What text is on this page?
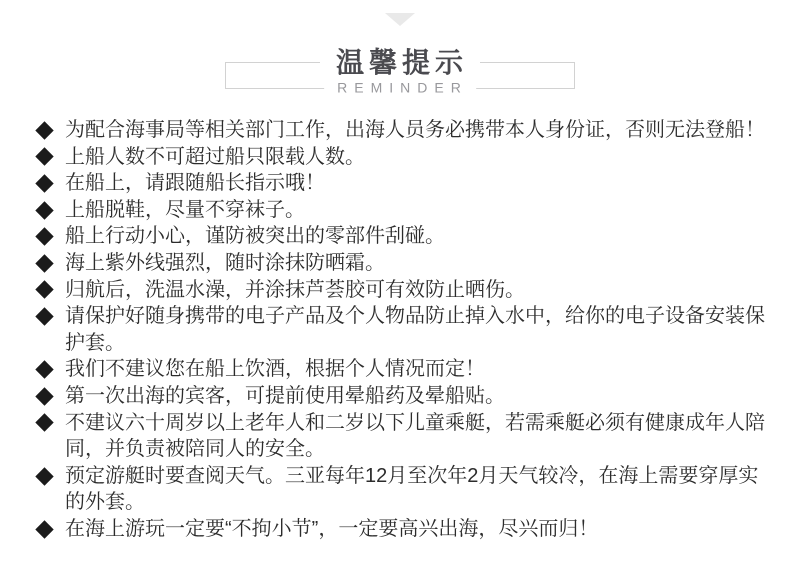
温馨提示
REMINDER
为配合海事局等相关部门工作，出海人员务必携带本人身份证，否则无法登船！
上船人数不可超过船只限载人数。
在船上，请跟随船长指示哦！
上船脱鞋，尽量不穿袜子。
船上行动小心，谨防被突出的零部件刮碰。
海上紫外线强烈，随时涂抹防晒霜。
归航后，洗温水澡，并涂抹芦荟胶可有效防止晒伤。
请保护好随身携带的电子产品及个人物品防止掉入水中，给你的电子设备安装保护套。
我们不建议您在船上饮酒，根据个人情况而定！
第一次出海的宾客，可提前使用晕船药及晕船贴。
不建议六十周岁以上老年人和二岁以下儿童乘艇，若需乘艇必须有健康成年人陪同，并负责被陪同人的安全。
预定游艇时要查阅天气。三亚每年12月至次年2月天气较冷，在海上需要穿厚实的外套。
在海上游玩一定要“不拘小节”，一定要高兴出海，尽兴而归！
